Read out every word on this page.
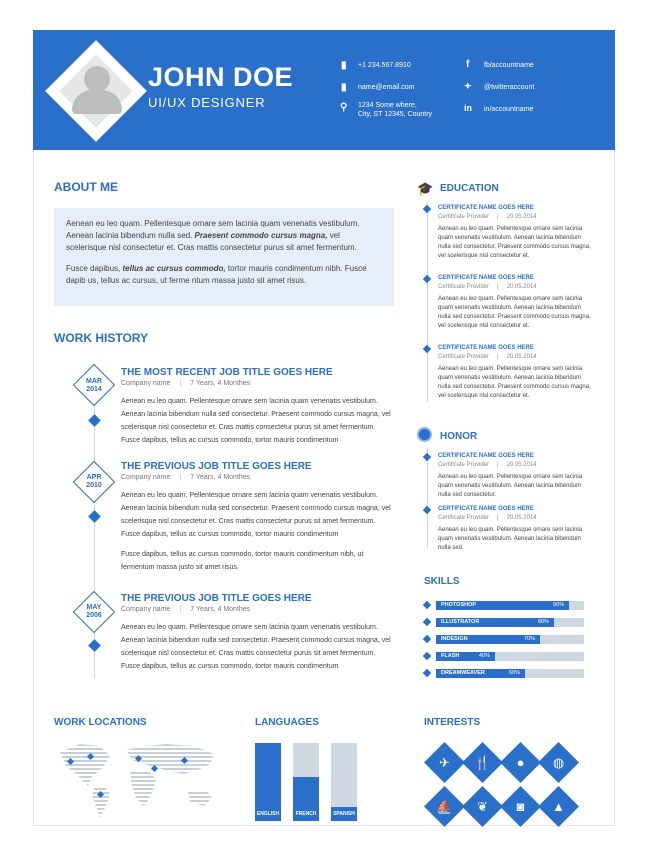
JOHN DOE
UI/UX DESIGNER
▮ +1 234.567.8910
▮ name@email.com
⚲ 1234 Some where,
City, ST 12345, Country
f fb/accountname
✦ @twitteraccount
in in/accountname
ABOUT ME

Aenean eu leo quam. Pellentesque ornare sem lacinia quam venenatis vestibulum. Aenean lacinia bibendum nulla sed. Praesent commodo cursus magna, vel scelerisque nisl consectetur et. Cras mattis consectetur purus sit amet fermentum.

Fusce dapibus, tellus ac cursus commodo, tortor mauris condimentum nibh. Fusce dapib us, tellus ac cursus, ut ferme ntum massa justo sit amet risus.

WORK HISTORY
MAR
2014
THE MOST RECENT JOB TITLE GOES HERE
Company name | 7 Years, 4 Monthes
Aenean eu leo quam. Pellentesque ornare sem lacinia quam venenatis vestibulum. Aenean lacinia bibendum nulla sed consectetur. Praesent commodo cursus magna, vel scelerisque nisl consectetur et. Cras mattis consectetur purus sit amet fermentum. Fusce dapibus, tellus ac cursus commodo, tortor mauris condimentum
APR
2010
THE PREVIOUS JOB TITLE GOES HERE
Company name | 7 Years, 4 Monthes
Aenean eu leo quam. Pellentesque ornare sem lacinia quam venenatis vestibulum. Aenean lacinia bibendum nulla sed consectetur. Praesent commodo cursus magna, vel scelerisque nisl consectetur et. Cras mattis consectetur purus sit amet fermentum. Fusce dapibus, tellus ac cursus commodo, tortor mauris condimentum
Fusce dapibus, tellus ac cursus commodo, tortor mauris condimentum nibh, ut fermentum massa justo sit amet risus.
MAY
2006
THE PREVIOUS JOB TITLE GOES HERE
Company name | 7 Years, 4 Monthes
Aenean eu leo quam. Pellentesque ornare sem lacinia quam venenatis vestibulum. Aenean lacinia bibendum nulla sed consectetur. Praesent commodo cursus magna, vel scelerisque nisl consectetur et. Cras mattis consectetur purus sit amet fermentum. Fusce dapibus, tellus ac cursus commodo, tortor mauris condimentum
🎓 EDUCATION
CERTIFICATE NAME GOES HERE
Certificate Provider | 20.05.2014
Aenean eu leo quam. Pellentesque ornare sem lacinia quam venenatis vestibulum. Aenean lacinia bibendum nulla sed consectetur. Praesent commodo cursus magna, vel scelerisque nisl consectetur et.
CERTIFICATE NAME GOES HERE
Certificate Provider | 20.05.2014
Aenean eu leo quam. Pellentesque ornare sem lacinia quam venenatis vestibulum. Aenean lacinia bibendum nulla sed consectetur. Praesent commodo cursus magna, vel scelerisque nisl consectetur et.
CERTIFICATE NAME GOES HERE
Certificate Provider | 20.05.2014
Aenean eu leo quam. Pellentesque ornare sem lacinia quam venenatis vestibulum. Aenean lacinia bibendum nulla sed consectetur. Praesent commodo cursus magna, vel scelerisque nisl consectetur et.
HONOR
CERTIFICATE NAME GOES HERE
Certificate Provider | 20.05.2014
Aenean eu leo quam. Pellentesque ornare sem lacinia quam venenatis vestibulum. Aenean lacinia bibendum nulla sed consectetur.
CERTIFICATE NAME GOES HERE
Certificate Provider | 20.05.2014
Aenean eu leo quam. Pellentesque ornare sem lacinia quam venenatis vestibulum. Aenean lacinia bibendum nulla sed.
SKILLS
PHOTOSHOP	90%
ILLUSTRATOR	80%
INDESIGN	70%
FLASH	40%
DREAMWEAVER	60%
WORK LOCATIONS	LANGUAGES
ENGLISH	FRENCH	SPANISH
INTERESTS
✈	🍴	●	◍
⛵	❦	◙	▲
